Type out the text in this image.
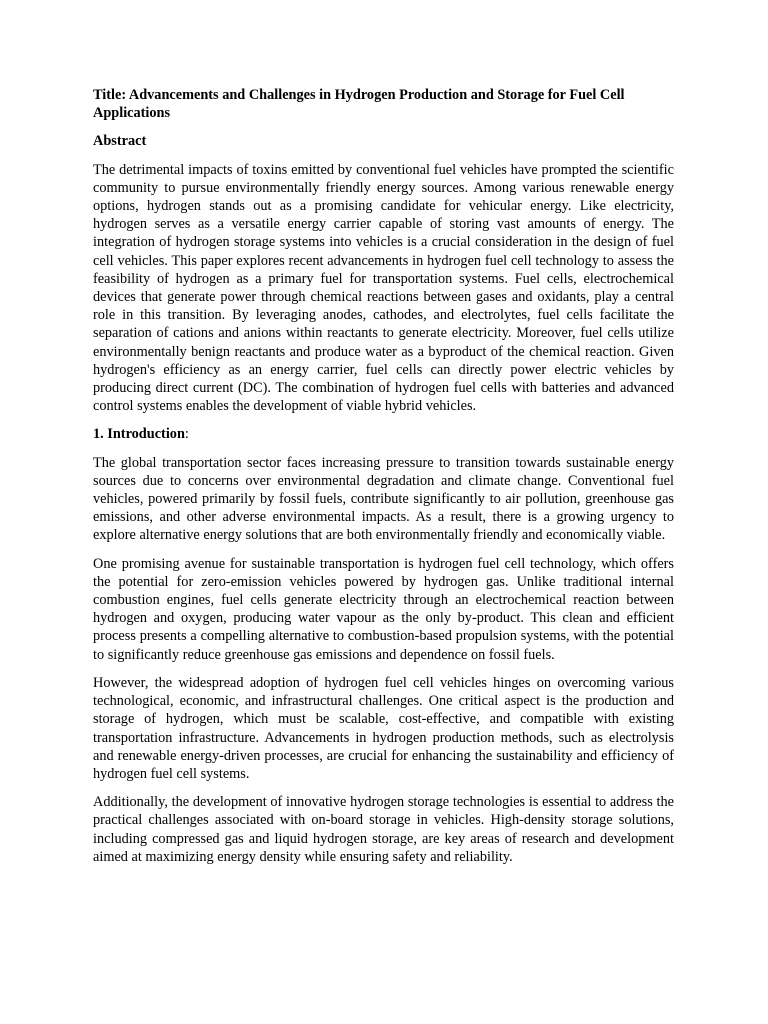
Title: Advancements and Challenges in Hydrogen Production and Storage for Fuel Cell Applications
Abstract

The detrimental impacts of toxins emitted by conventional fuel vehicles have prompted the scientific community to pursue environmentally friendly energy sources. Among various renewable energy options, hydrogen stands out as a promising candidate for vehicular energy. Like electricity, hydrogen serves as a versatile energy carrier capable of storing vast amounts of energy. The integration of hydrogen storage systems into vehicles is a crucial consideration in the design of fuel cell vehicles. This paper explores recent advancements in hydrogen fuel cell technology to assess the feasibility of hydrogen as a primary fuel for transportation systems. Fuel cells, electrochemical devices that generate power through chemical reactions between gases and oxidants, play a central role in this transition. By leveraging anodes, cathodes, and electrolytes, fuel cells facilitate the separation of cations and anions within reactants to generate electricity. Moreover, fuel cells utilize environmentally benign reactants and produce water as a byproduct of the chemical reaction. Given hydrogen's efficiency as an energy carrier, fuel cells can directly power electric vehicles by producing direct current (DC). The combination of hydrogen fuel cells with batteries and advanced control systems enables the development of viable hybrid vehicles.

1. Introduction:

The global transportation sector faces increasing pressure to transition towards sustainable energy sources due to concerns over environmental degradation and climate change. Conventional fuel vehicles, powered primarily by fossil fuels, contribute significantly to air pollution, greenhouse gas emissions, and other adverse environmental impacts. As a result, there is a growing urgency to explore alternative energy solutions that are both environmentally friendly and economically viable.

One promising avenue for sustainable transportation is hydrogen fuel cell technology, which offers the potential for zero-emission vehicles powered by hydrogen gas. Unlike traditional internal combustion engines, fuel cells generate electricity through an electrochemical reaction between hydrogen and oxygen, producing water vapour as the only by-product. This clean and efficient process presents a compelling alternative to combustion-based propulsion systems, with the potential to significantly reduce greenhouse gas emissions and dependence on fossil fuels.

However, the widespread adoption of hydrogen fuel cell vehicles hinges on overcoming various technological, economic, and infrastructural challenges. One critical aspect is the production and storage of hydrogen, which must be scalable, cost-effective, and compatible with existing transportation infrastructure. Advancements in hydrogen production methods, such as electrolysis and renewable energy-driven processes, are crucial for enhancing the sustainability and efficiency of hydrogen fuel cell systems.

Additionally, the development of innovative hydrogen storage technologies is essential to address the practical challenges associated with on-board storage in vehicles. High-density storage solutions, including compressed gas and liquid hydrogen storage, are key areas of research and development aimed at maximizing energy density while ensuring safety and reliability.
